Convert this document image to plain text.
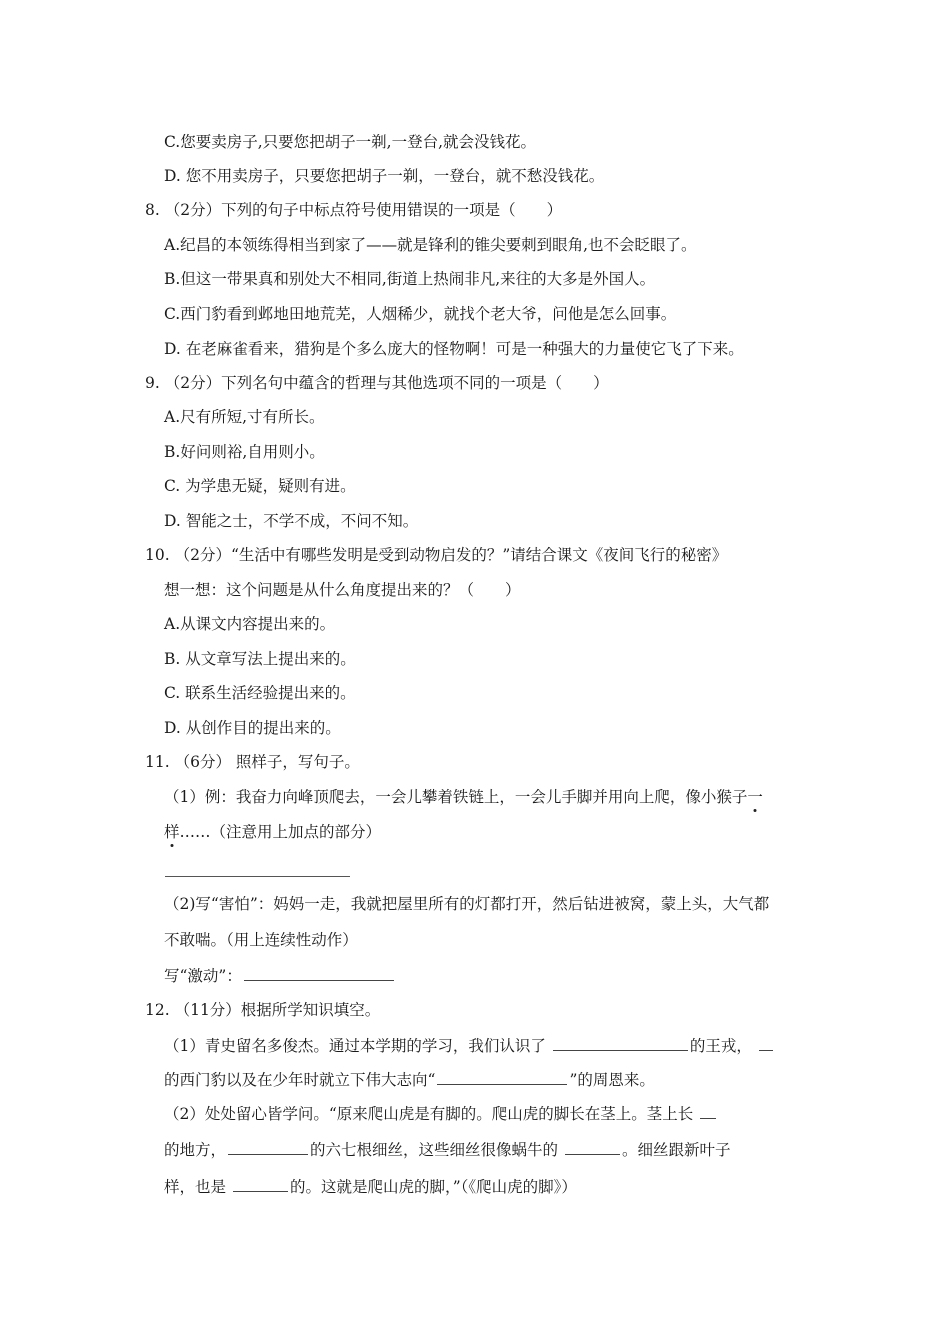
C.您要卖房子,只要您把胡子一剃,一登台,就会没钱花。
D. 您不用卖房子，只要您把胡子一剃，一登台，就不愁没钱花。
8. （2分）下列的句子中标点符号使用错误的一项是（　　）
A.纪昌的本领练得相当到家了——就是锋利的锥尖要刺到眼角,也不会眨眼了。
B.但这一带果真和别处大不相同,街道上热闹非凡,来往的大多是外国人。
C.西门豹看到邺地田地荒芜，人烟稀少，就找个老大爷，问他是怎么回事。
D. 在老麻雀看来，猎狗是个多么庞大的怪物啊！可是一种强大的力量使它飞了下来。
9. （2分）下列名句中蕴含的哲理与其他选项不同的一项是（　　）
A.尺有所短,寸有所长。
B.好问则裕,自用则小。
C. 为学患无疑，疑则有进。
D. 智能之士，不学不成，不问不知。
10. （2分）“生活中有哪些发明是受到动物启发的？”请结合课文《夜间飞行的秘密》
想一想：这个问题是从什么角度提出来的？（　　）
A.从课文内容提出来的。
B. 从文章写法上提出来的。
C. 联系生活经验提出来的。
D. 从创作目的提出来的。
11. （6分） 照样子，写句子。
（1）例：我奋力向峰顶爬去，一会儿攀着铁链上，一会儿手脚并用向上爬，像小猴子一
样……（注意用上加点的部分）
（2)写“害怕”：妈妈一走，我就把屋里所有的灯都打开，然后钻进被窝，蒙上头，大气都
不敢喘。（用上连续性动作）
写“激动”：
12. （11分）根据所学知识填空。
（1）青史留名多俊杰。通过本学期的学习，我们认识了	的王戎，
的西门豹以及在少年时就立下伟大志向“	”的周恩来。
（2）处处留心皆学问。“原来爬山虎是有脚的。爬山虎的脚长在茎上。茎上长
的地方，	的六七根细丝，这些细丝很像蜗牛的	。细丝跟新叶子
样，也是	的。这就是爬山虎的脚，”（《爬山虎的脚》）
